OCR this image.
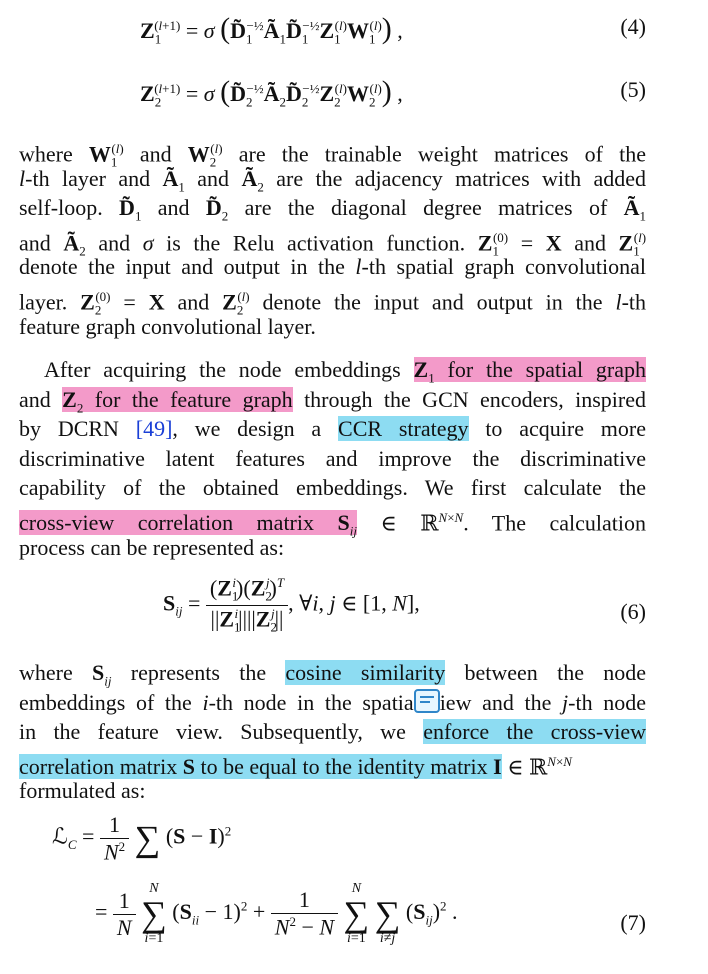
$Z_1^{(l+1)} = \sigma$ $(D̃_1^{-\frac{1}{2}}Ã_1D̃_1^{-\frac{1}{2}}Z_1^{(l)}W_1^{(l)})$ ,	(4)
$Z_2^{(l+1)} = \sigma$ $(D̃_2^{-\frac{1}{2}}Ã_2D̃_2^{-\frac{1}{2}}Z_2^{(l)}W_2^{(l)})$ ,	(5)
where $W_1^{(l)}$ and $W_2^{(l)}$ are the trainable weight matrices of the
l-th layer and $Ã_1$ and $Ã_2$ are the adjacency matrices with added
self-loop. $D̃_1$ and $D̃_2$ are the diagonal degree matrices of $Ã_1$
and $Ã_2$ and σ is the Relu activation function. $Z_1^{(0)} = X$ and $Z_1^{(l)}$
denote the input and output in the l-th spatial graph convolutional
layer. $Z_2^{(0)} = X$ and $Z_2^{(l)}$ denote the input and output in the l-th
feature graph convolutional layer.
After acquiring the node embeddings $Z_1$ for the spatial graph
and $Z_2$ for the feature graph through the GCN encoders, inspired
by DCRN [49], we design a CCR strategy to acquire more
discriminative latent features and improve the discriminative
capability of the obtained embeddings. We first calculate the
cross-view correlation matrix $S_{ij}$ ∈ ℝ$^{N\times N}$. The calculation
process can be represented as:
$S_{ij} = \frac{(Z_1^i)(Z_2^j)^T}{||Z_1^i||||Z_2^j||}$ , ∀i, j ∈ [1, N],	(6)
where $S_{ij}$ represents the cosine similarity between the node
embeddings of the i-th node in the spatia iew and the j-th node
in the feature view. Subsequently, we enforce the cross-view
correlation matrix S to be equal to the identity matrix I ∈ ℝ$^{N\times N}$
formulated as:
ℒ$_C$ = $\frac{1}{N^2}$ ∑ $(S - I)^2$
= $\frac{1}{N}$
N
∑
i=1
$(S_{ii} - 1)^2 + \frac{1}{N^2 - N}$
N
∑
i=1

∑
i≠j
$(S_{ij})^2$ .	(7)
